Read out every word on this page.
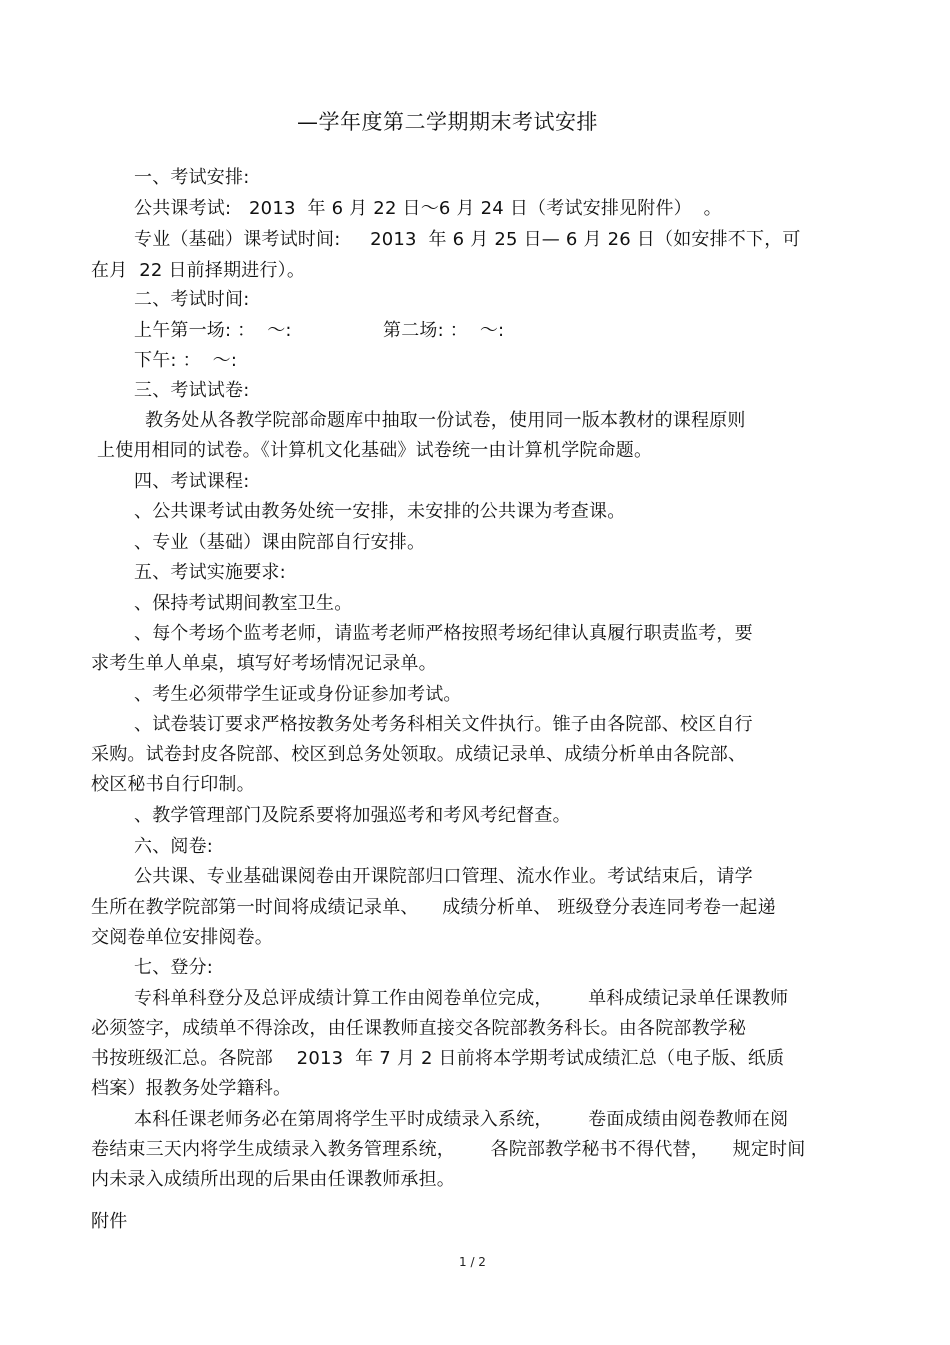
—学年度第二学期期末考试安排
一、考试安排:
公共课考试:   2013  年 6 月 22 日～6 月 24 日（考试安排见附件）  。
专业（基础）课考试时间:     2013  年 6 月 25 日— 6 月 26 日（如安排不下，可
在月  22 日前择期进行）。
二、考试时间:
上午第一场: ：  ～:	第二场: ：  ～:
下午: ：  ～:
三、考试试卷:
教务处从各教学院部命题库中抽取一份试卷，使用同一版本教材的课程原则
上使用相同的试卷。《计算机文化基础》试卷统一由计算机学院命题。
四、考试课程:
、公共课考试由教务处统一安排，未安排的公共课为考查课。
、专业（基础）课由院部自行安排。
五、考试实施要求:
、保持考试期间教室卫生。
、每个考场个监考老师，请监考老师严格按照考场纪律认真履行职责监考，要
求考生单人单桌，填写好考场情况记录单。
、考生必须带学生证或身份证参加考试。
、试卷装订要求严格按教务处考务科相关文件执行。锥子由各院部、校区自行
采购。试卷封皮各院部、校区到总务处领取。成绩记录单、成绩分析单由各院部、
校区秘书自行印制。
、教学管理部门及院系要将加强巡考和考风考纪督查。
六、阅卷:
公共课、专业基础课阅卷由开课院部归口管理、流水作业。考试结束后，请学
生所在教学院部第一时间将成绩记录单、    成绩分析单、 班级登分表连同考卷一起递
交阅卷单位安排阅卷。
七、登分:
专科单科登分及总评成绩计算工作由阅卷单位完成，      单科成绩记录单任课教师
必须签字，成绩单不得涂改，由任课教师直接交各院部教务科长。由各院部教学秘
书按班级汇总。各院部    2013  年 7 月 2 日前将本学期考试成绩汇总（电子版、纸质
档案）报教务处学籍科。
本科任课老师务必在第周将学生平时成绩录入系统，      卷面成绩由阅卷教师在阅
卷结束三天内将学生成绩录入教务管理系统，      各院部教学秘书不得代替，    规定时间
内未录入成绩所出现的后果由任课教师承担。
附件
1 / 2
